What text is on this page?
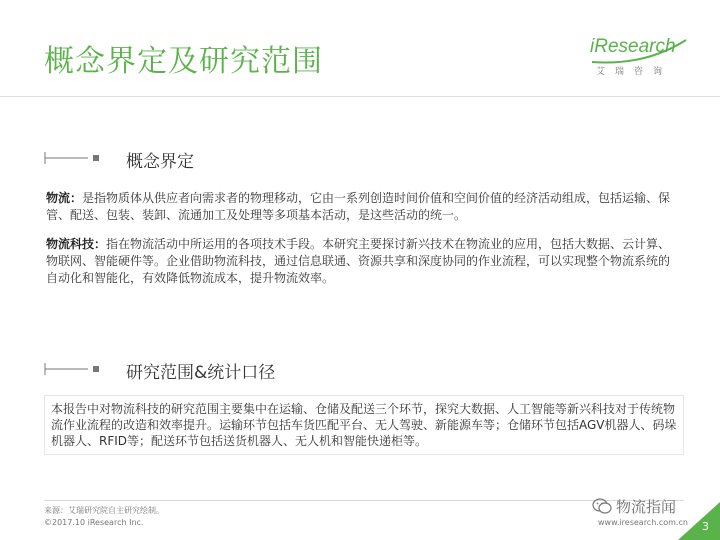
概念界定及研究范围	iResearch
艾瑞咨询
概念界定
物流：是指物质体从供应者向需求者的物理移动，它由一系列创造时间价值和空间价值的经济活动组成，包括运输、保管、配送、包装、装卸、流通加工及处理等多项基本活动，是这些活动的统一。
物流科技：指在物流活动中所运用的各项技术手段。本研究主要探讨新兴技术在物流业的应用，包括大数据、云计算、物联网、智能硬件等。企业借助物流科技，通过信息联通、资源共享和深度协同的作业流程，可以实现整个物流系统的自动化和智能化，有效降低物流成本，提升物流效率。
研究范围&统计口径
本报告中对物流科技的研究范围主要集中在运输、仓储及配送三个环节，探究大数据、人工智能等新兴科技对于传统物流作业流程的改造和效率提升。运输环节包括车货匹配平台、无人驾驶、新能源车等；仓储环节包括AGV机器人、码垛机器人、RFID等；配送环节包括送货机器人、无人机和智能快递柜等。
来源：艾瑞研究院自主研究绘制。
©2017.10 iResearch Inc.	www.iresearch.com.cn
物流指闻
3
